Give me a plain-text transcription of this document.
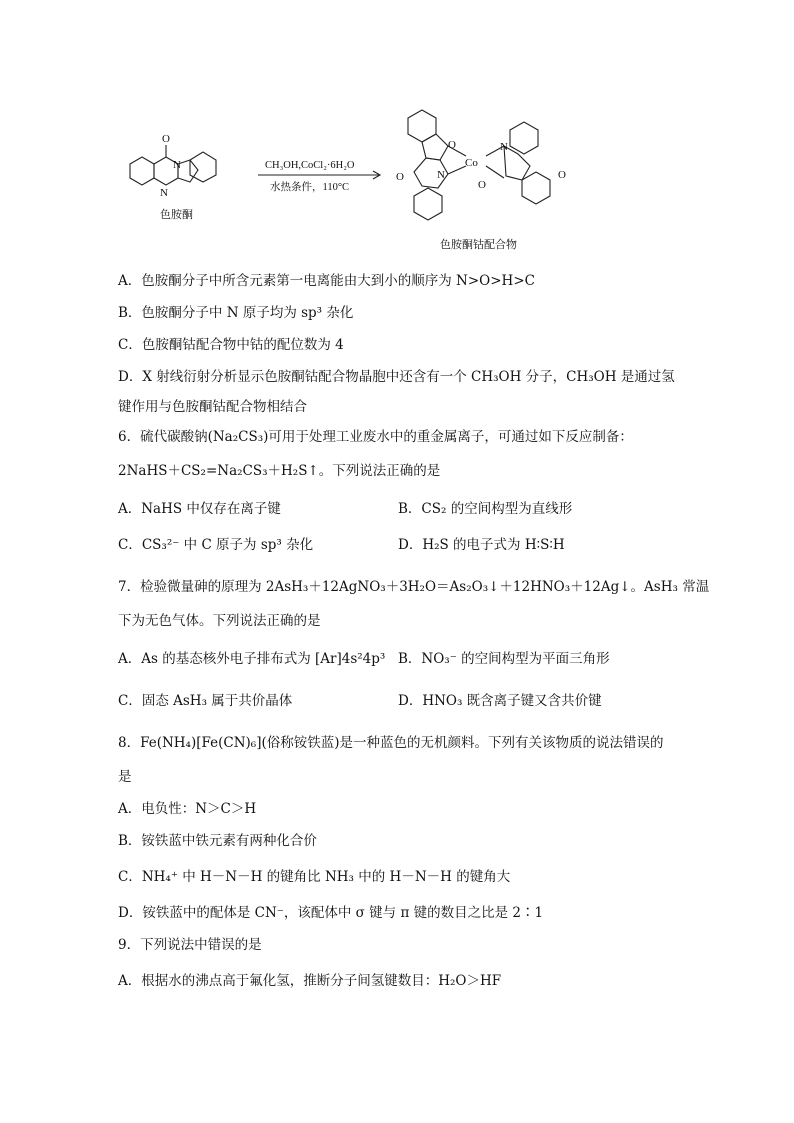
O
N
N
O
N
Co
N
O
O	O
CH₃OH,CoCl₂·6H₂O
水热条件，110°C
色胺酮
色胺酮钴配合物
A．色胺酮分子中所含元素第一电离能由大到小的顺序为 N>O>H>C
B．色胺酮分子中 N 原子均为 sp³ 杂化
C．色胺酮钴配合物中钴的配位数为 4
D．X 射线衍射分析显示色胺酮钴配合物晶胞中还含有一个 CH₃OH 分子，CH₃OH 是通过氢
键作用与色胺酮钴配合物相结合
6．硫代碳酸钠(Na₂CS₃)可用于处理工业废水中的重金属离子，可通过如下反应制备：
2NaHS＋CS₂=Na₂CS₃＋H₂S↑。下列说法正确的是
A．NaHS 中仅存在离子键	B．CS₂ 的空间构型为直线形
C．CS₃²⁻ 中 C 原子为 sp³ 杂化	D．H₂S 的电子式为 H∶S∶H
7．检验微量砷的原理为 2AsH₃＋12AgNO₃＋3H₂O＝As₂O₃↓＋12HNO₃＋12Ag↓。AsH₃ 常温
下为无色气体。下列说法正确的是
A．As 的基态核外电子排布式为 [Ar]4s²4p³ B．NO₃⁻ 的空间构型为平面三角形
C．固态 AsH₃ 属于共价晶体	D．HNO₃ 既含离子键又含共价键
8．Fe(NH₄)[Fe(CN)₆](俗称铵铁蓝)是一种蓝色的无机颜料。下列有关该物质的说法错误的
是
A．电负性：N＞C＞H
B．铵铁蓝中铁元素有两种化合价
C．NH₄⁺ 中 H－N－H 的键角比 NH₃ 中的 H－N－H 的键角大
D．铵铁蓝中的配体是 CN⁻，该配体中 σ 键与 π 键的数目之比是 2∶1
9．下列说法中错误的是
A．根据水的沸点高于氟化氢，推断分子间氢键数目：H₂O＞HF
